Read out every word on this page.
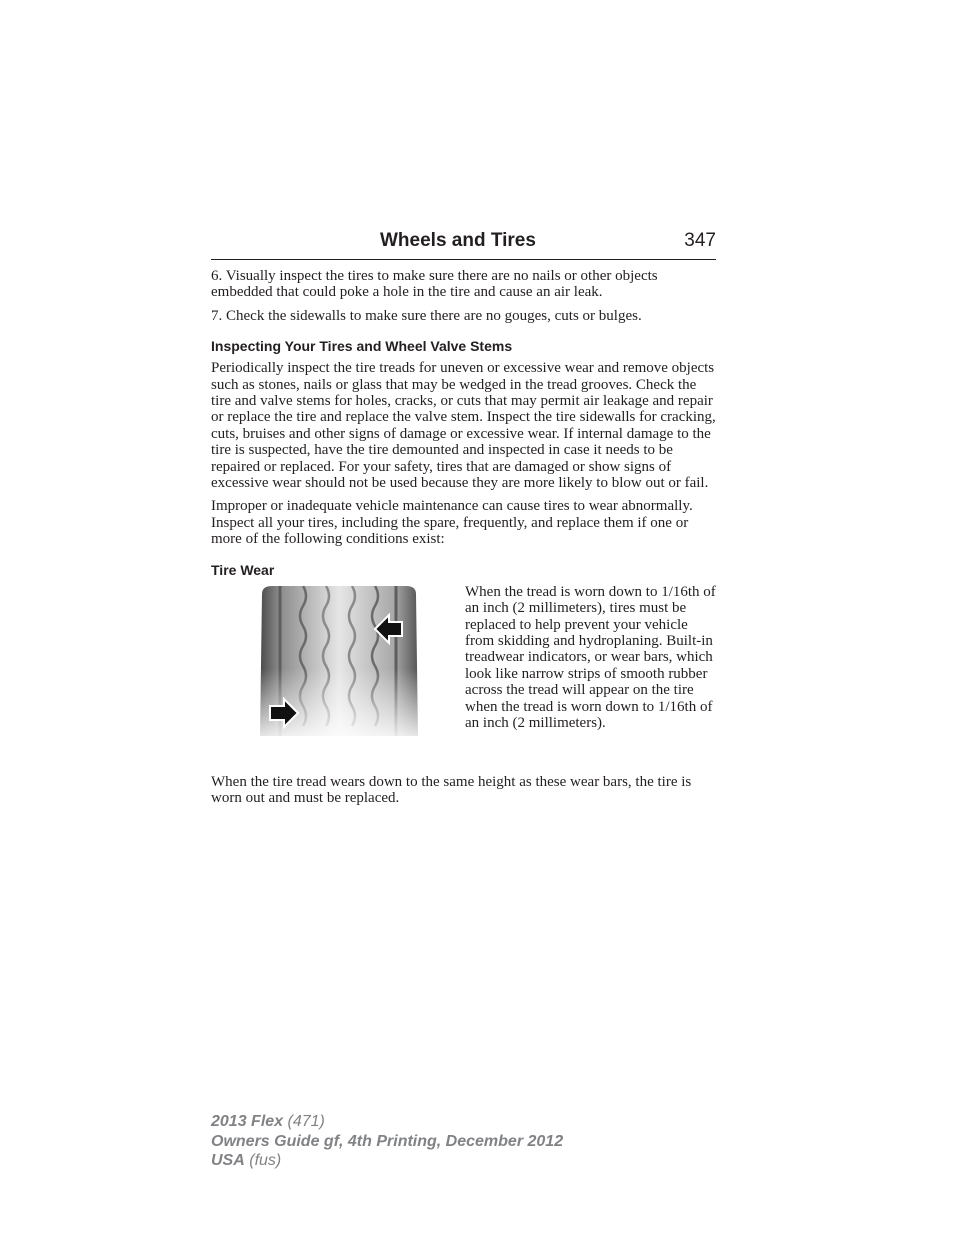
Wheels and Tires	347

6. Visually inspect the tires to make sure there are no nails or other objects embedded that could poke a hole in the tire and cause an air leak.

7. Check the sidewalls to make sure there are no gouges, cuts or bulges.

Inspecting Your Tires and Wheel Valve Stems

Periodically inspect the tire treads for uneven or excessive wear and remove objects such as stones, nails or glass that may be wedged in the tread grooves. Check the tire and valve stems for holes, cracks, or cuts that may permit air leakage and repair or replace the tire and replace the valve stem. Inspect the tire sidewalls for cracking, cuts, bruises and other signs of damage or excessive wear. If internal damage to the tire is suspected, have the tire demounted and inspected in case it needs to be repaired or replaced. For your safety, tires that are damaged or show signs of excessive wear should not be used because they are more likely to blow out or fail.

Improper or inadequate vehicle maintenance can cause tires to wear abnormally. Inspect all your tires, including the spare, frequently, and replace them if one or more of the following conditions exist:

Tire Wear

When the tread is worn down to 1/16th of an inch (2 millimeters), tires must be replaced to help prevent your vehicle from skidding and hydroplaning. Built-in treadwear indicators, or wear bars, which look like narrow strips of smooth rubber across the tread will appear on the tire when the tread is worn down to 1/16th of an inch (2 millimeters).

When the tire tread wears down to the same height as these wear bars, the tire is worn out and must be replaced.

2013 Flex (471)
Owners Guide gf, 4th Printing, December 2012
USA (fus)
